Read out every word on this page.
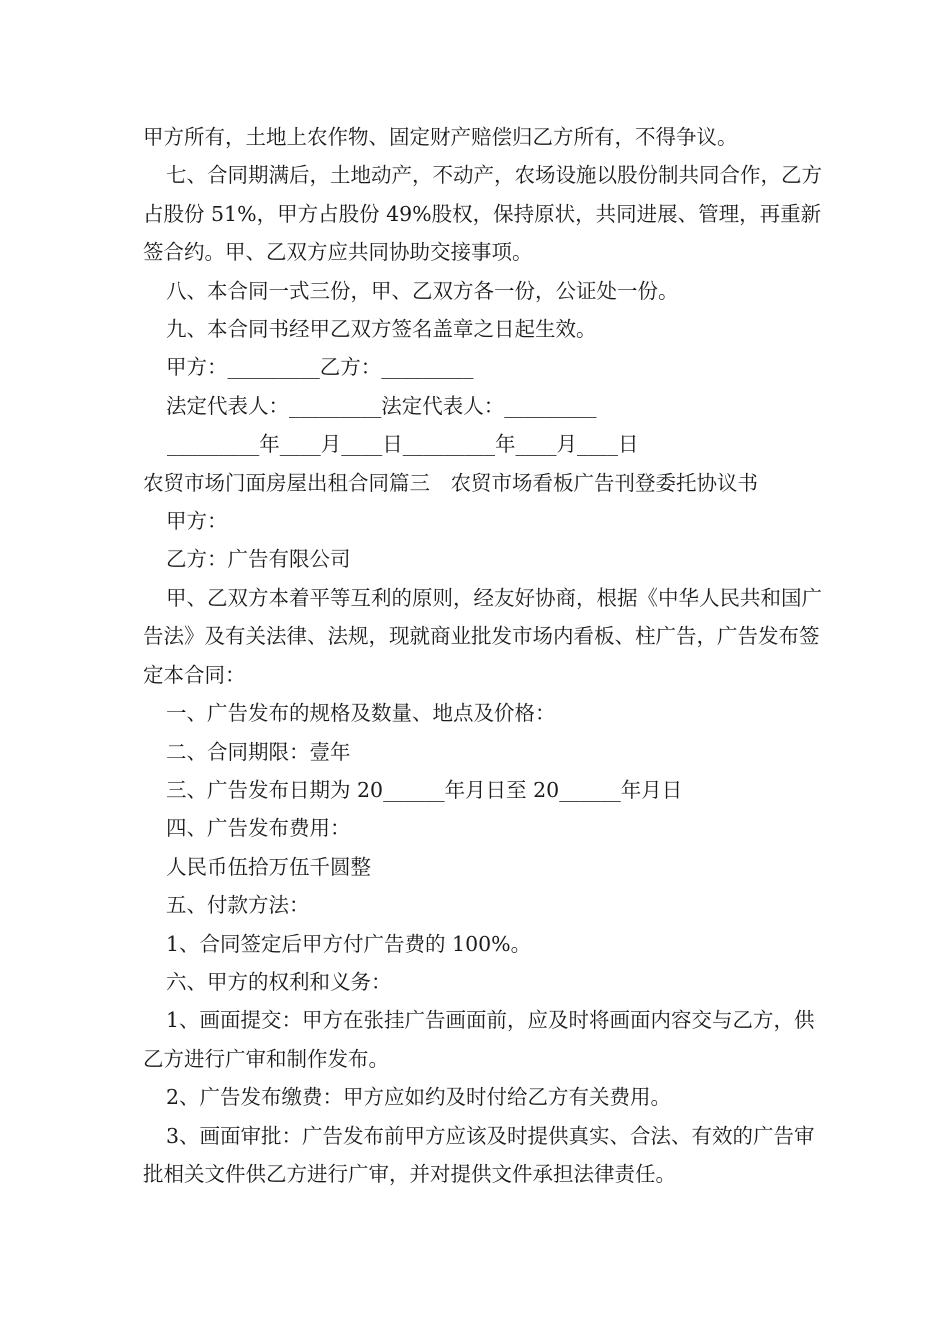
甲方所有，土地上农作物、固定财产赔偿归乙方所有，不得争议。

七、合同期满后，土地动产，不动产，农场设施以股份制共同合作，乙方占股份 51%，甲方占股份 49%股权，保持原状，共同进展、管理，再重新签合约。甲、乙双方应共同协助交接事项。

八、本合同一式三份，甲、乙双方各一份，公证处一份。

九、本合同书经甲乙双方签名盖章之日起生效。

甲方：_________乙方：_________

法定代表人：_________法定代表人：_________

_________年____月____日_________年____月____日

农贸市场门面房屋出租合同篇三　农贸市场看板广告刊登委托协议书

甲方：

乙方：广告有限公司

甲、乙双方本着平等互利的原则，经友好协商，根据《中华人民共和国广告法》及有关法律、法规，现就商业批发市场内看板、柱广告，广告发布签定本合同：

一、广告发布的规格及数量、地点及价格：

二、合同期限：壹年

三、广告发布日期为 20______年月日至 20______年月日

四、广告发布费用：

人民币伍拾万伍千圆整

五、付款方法：

1、合同签定后甲方付广告费的 100%。

六、甲方的权利和义务：

1、画面提交：甲方在张挂广告画面前，应及时将画面内容交与乙方，供乙方进行广审和制作发布。

2、广告发布缴费：甲方应如约及时付给乙方有关费用。

3、画面审批：广告发布前甲方应该及时提供真实、合法、有效的广告审批相关文件供乙方进行广审，并对提供文件承担法律责任。
